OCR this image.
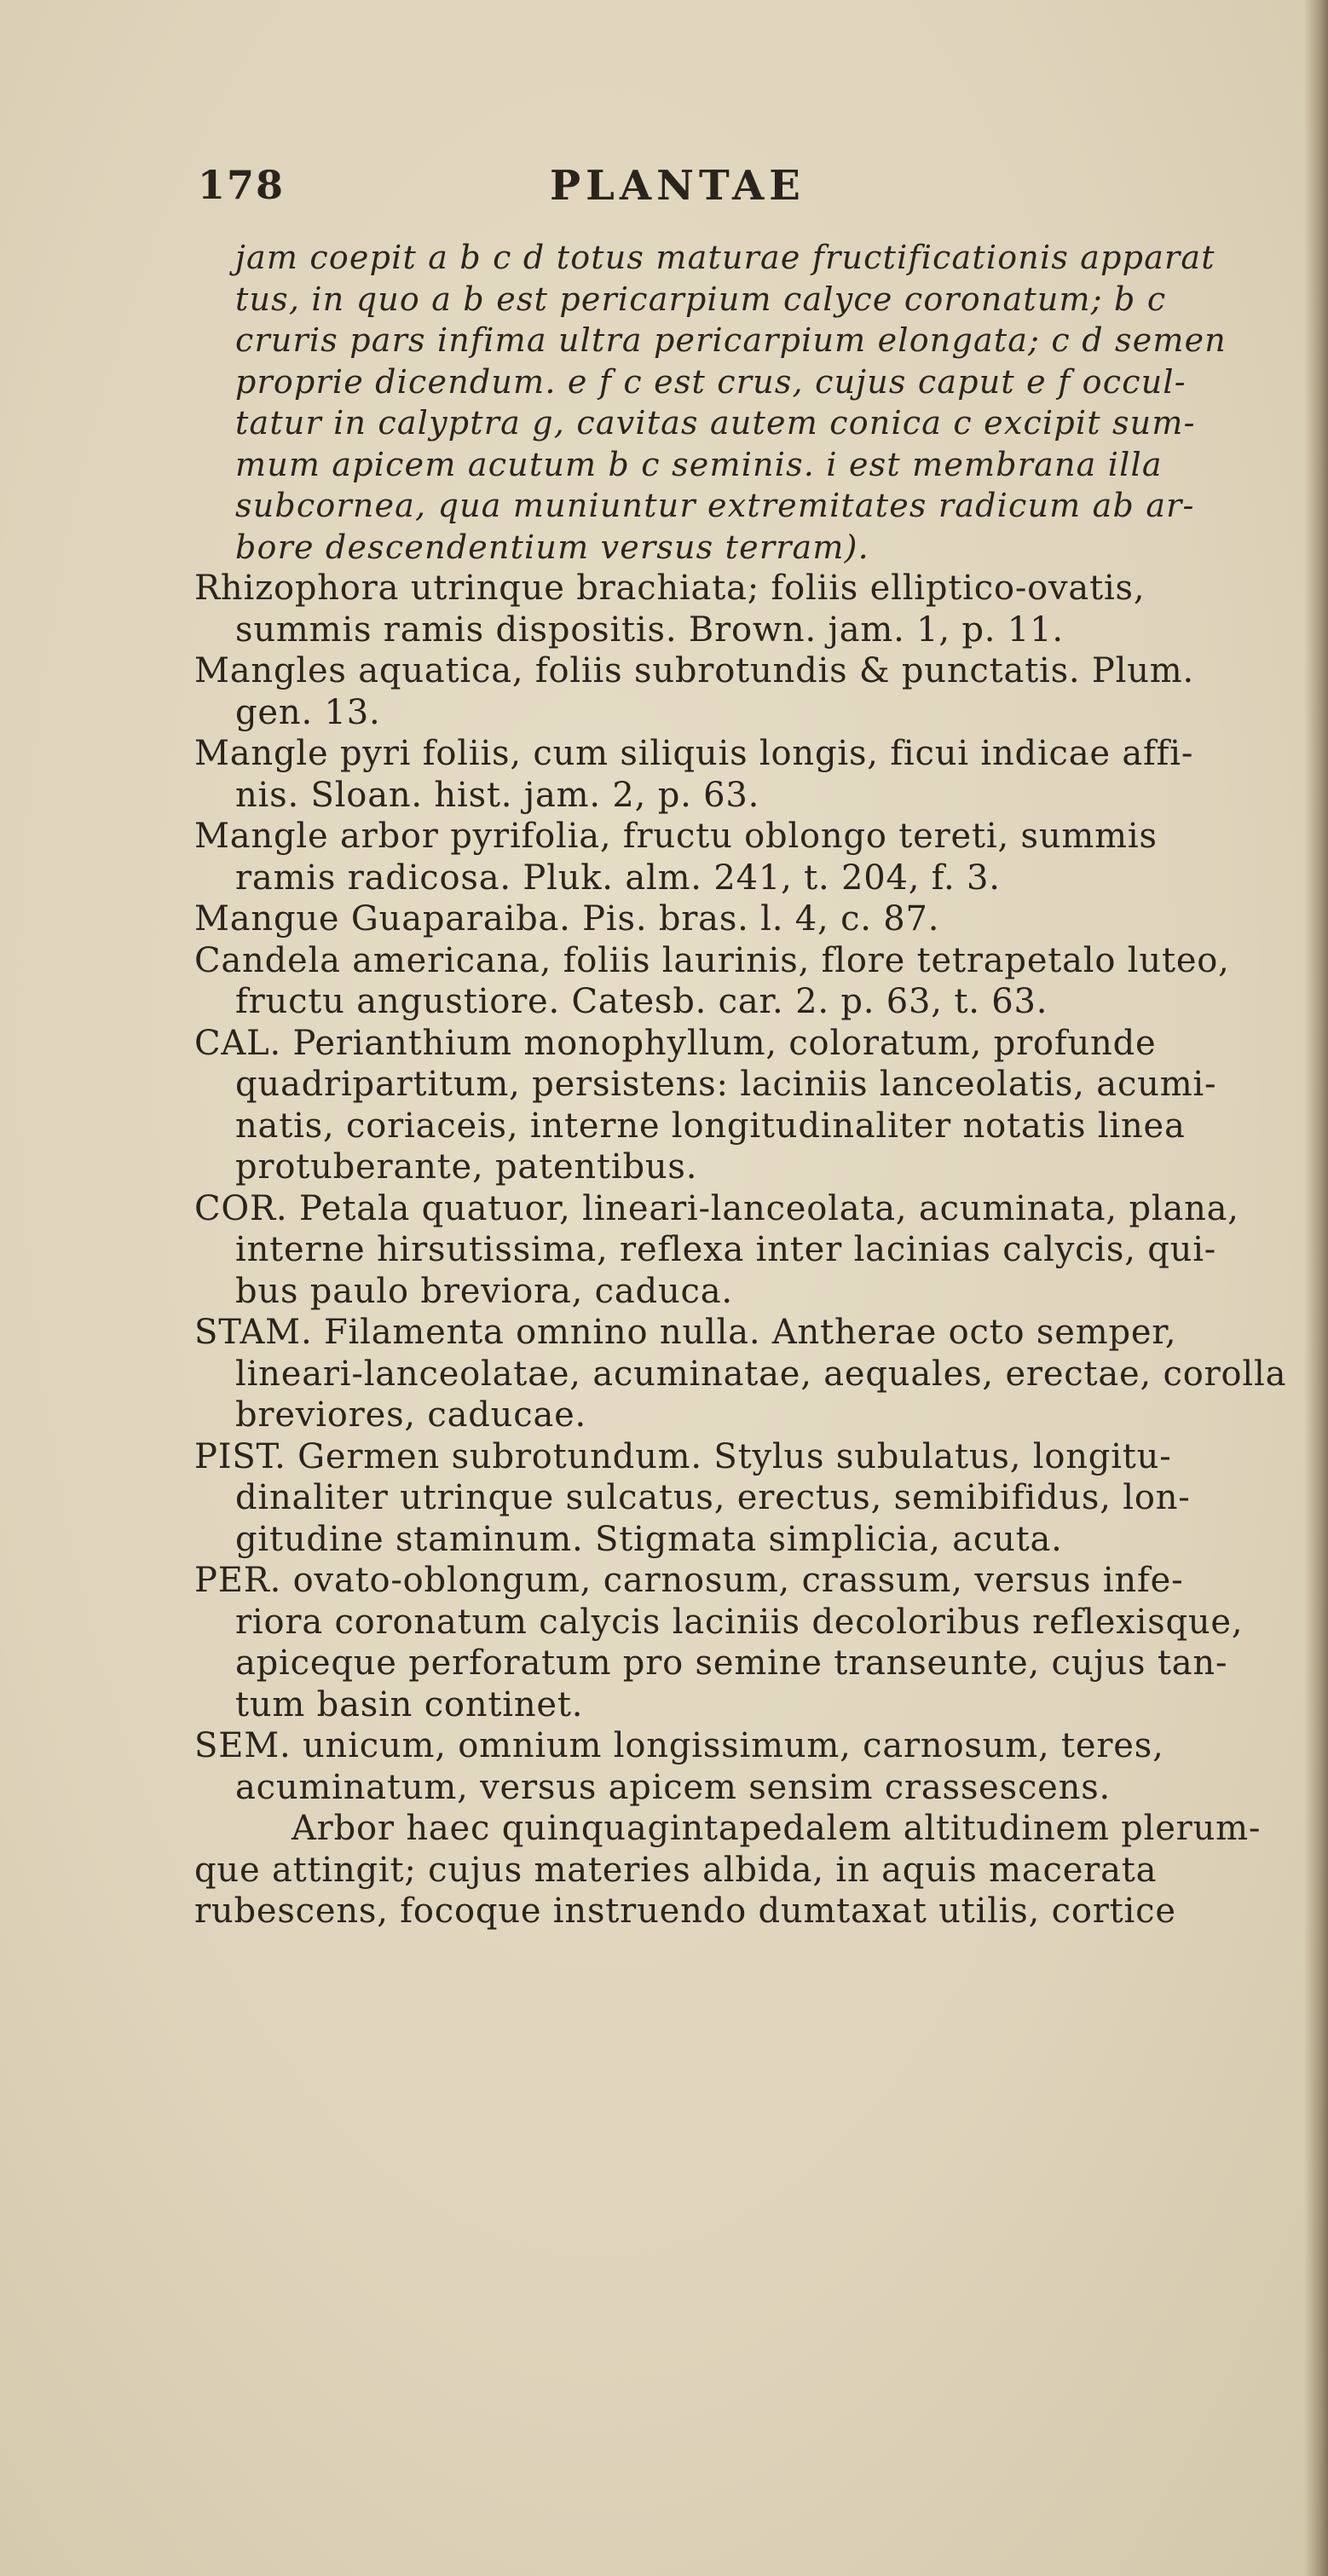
178	PLANTAE
jam coepit a b c d totus maturae fructificationis apparat
tus, in quo a b est pericarpium calyce coronatum; b c
cruris pars infima ultra pericarpium elongata; c d semen
proprie dicendum. e f c est crus, cujus caput e f occul-
tatur in calyptra g, cavitas autem conica c excipit sum-
mum apicem acutum b c seminis. i est membrana illa
subcornea, qua muniuntur extremitates radicum ab ar-
bore descendentium versus terram).
Rhizophora utrinque brachiata; foliis elliptico-ovatis,
summis ramis dispositis. Brown. jam. 1, p. 11.
Mangles aquatica, foliis subrotundis & punctatis. Plum.
gen. 13.
Mangle pyri foliis, cum siliquis longis, ficui indicae affi-
nis. Sloan. hist. jam. 2, p. 63.
Mangle arbor pyrifolia, fructu oblongo tereti, summis
ramis radicosa. Pluk. alm. 241, t. 204, f. 3.
Mangue Guaparaiba. Pis. bras. l. 4, c. 87.
Candela americana, foliis laurinis, flore tetrapetalo luteo,
fructu angustiore. Catesb. car. 2. p. 63, t. 63.
CAL. Perianthium monophyllum, coloratum, profunde
quadripartitum, persistens: laciniis lanceolatis, acumi-
natis, coriaceis, interne longitudinaliter notatis linea
protuberante, patentibus.
COR. Petala quatuor, lineari-lanceolata, acuminata, plana,
interne hirsutissima, reflexa inter lacinias calycis, qui-
bus paulo breviora, caduca.
STAM. Filamenta omnino nulla. Antherae octo semper,
lineari-lanceolatae, acuminatae, aequales, erectae, corolla
breviores, caducae.
PIST. Germen subrotundum. Stylus subulatus, longitu-
dinaliter utrinque sulcatus, erectus, semibifidus, lon-
gitudine staminum. Stigmata simplicia, acuta.
PER. ovato-oblongum, carnosum, crassum, versus infe-
riora coronatum calycis laciniis decoloribus reflexisque,
apiceque perforatum pro semine transeunte, cujus tan-
tum basin continet.
SEM. unicum, omnium longissimum, carnosum, teres,
acuminatum, versus apicem sensim crassescens.
Arbor haec quinquagintapedalem altitudinem plerum-
que attingit; cujus materies albida, in aquis macerata
rubescens, focoque instruendo dumtaxat utilis, cortice
